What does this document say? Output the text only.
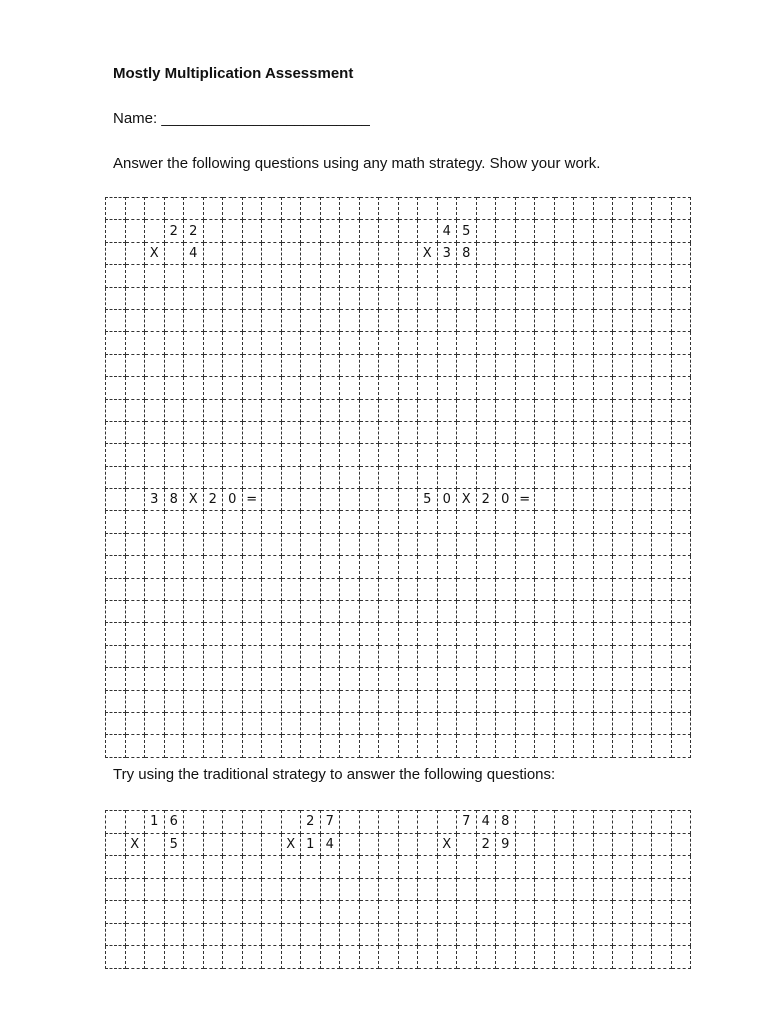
Mostly Multiplication Assessment
Name: _________________________
Answer the following questions using any math strategy. Show your work.

			2	2													4	5											
		X		4												X	3	8											

		3	8	X	2	0	=									5	0	X	2	0	=								

Try using the traditional strategy to answer the following questions:
		1	6							2	7							7	4	8									
	X		5						X	1	4						X		2	9									
